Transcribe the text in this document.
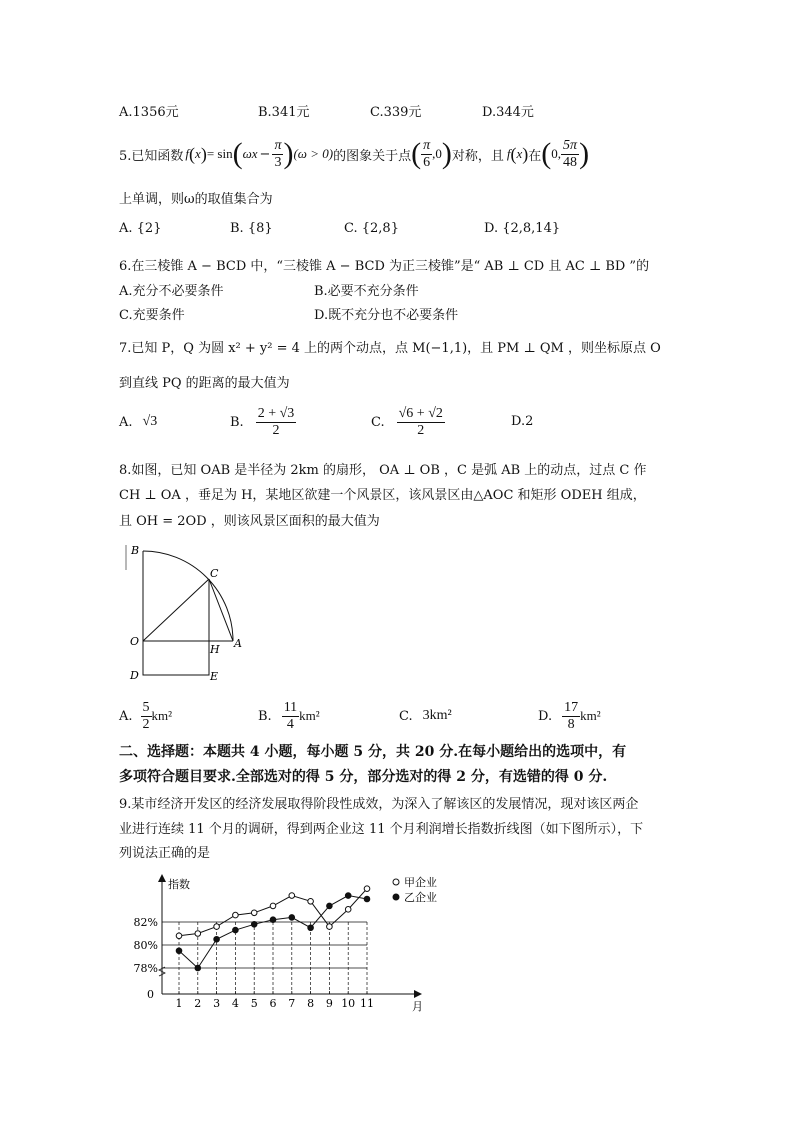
A.1356元	B.341元	C.339元	D.344元
5.已知函数 f ( x ) = sin ( ω $x - \frac{\pi}{3}$ ) (ω > 0) 的图象关于点 ( $\frac{\pi}{6} ,0$ ) 对称，且 f ( x ) 在 ( 0, $\frac{5\pi}{48}$ )
上单调，则ω的取值集合为
A. {2}	B. {8}	C. {2,8}	D. {2,8,14}
6.在三棱锥 A − BCD 中，“三棱锥 A − BCD 为正三棱锥”是“ AB ⊥ CD 且 AC ⊥ BD ”的
A.充分不必要条件	B.必要不充分条件
C.充要条件	D.既不充分也不必要条件
7.已知 P，Q 为圆 x² + y² = 4 上的两个动点，点 M(−1,1)，且 PM ⊥ QM ，则坐标原点 O
到直线 PQ 的距离的最大值为
A. √3	B. $\frac{2 + √3}{2}$	C. $\frac{√6 + √2}{2}$	D.2
8.如图，已知 OAB 是半径为 2km 的扇形， OA ⊥ OB ，C 是弧 AB 上的动点，过点 C 作
CH ⊥ OA ，垂足为 H，某地区欲建一个风景区，该风景区由△AOC 和矩形 ODEH 组成，
且 OH = 2OD ，则该风景区面积的最大值为
B
C
O
H A
D	E
A. $\frac{5}{2} km^2$	B. $\frac{11}{4} km^2$	C. 3km²	D. $\frac{17}{8} km^2$
二、选择题：本题共 4 小题，每小题 5 分，共 20 分.在每小题给出的选项中，有
多项符合题目要求.全部选对的得 5 分，部分选对的得 2 分，有选错的得 0 分.
9.某市经济开发区的经济发展取得阶段性成效，为深入了解该区的发展情况，现对该区两企
业进行连续 11 个月的调研，得到两企业这 11 个月利润增长指数折线图（如下图所示），下
列说法正确的是
82%
80%
78%
指数
月
0
1 2 3 4 5 6 7 8 9 10 11
甲企业
乙企业
